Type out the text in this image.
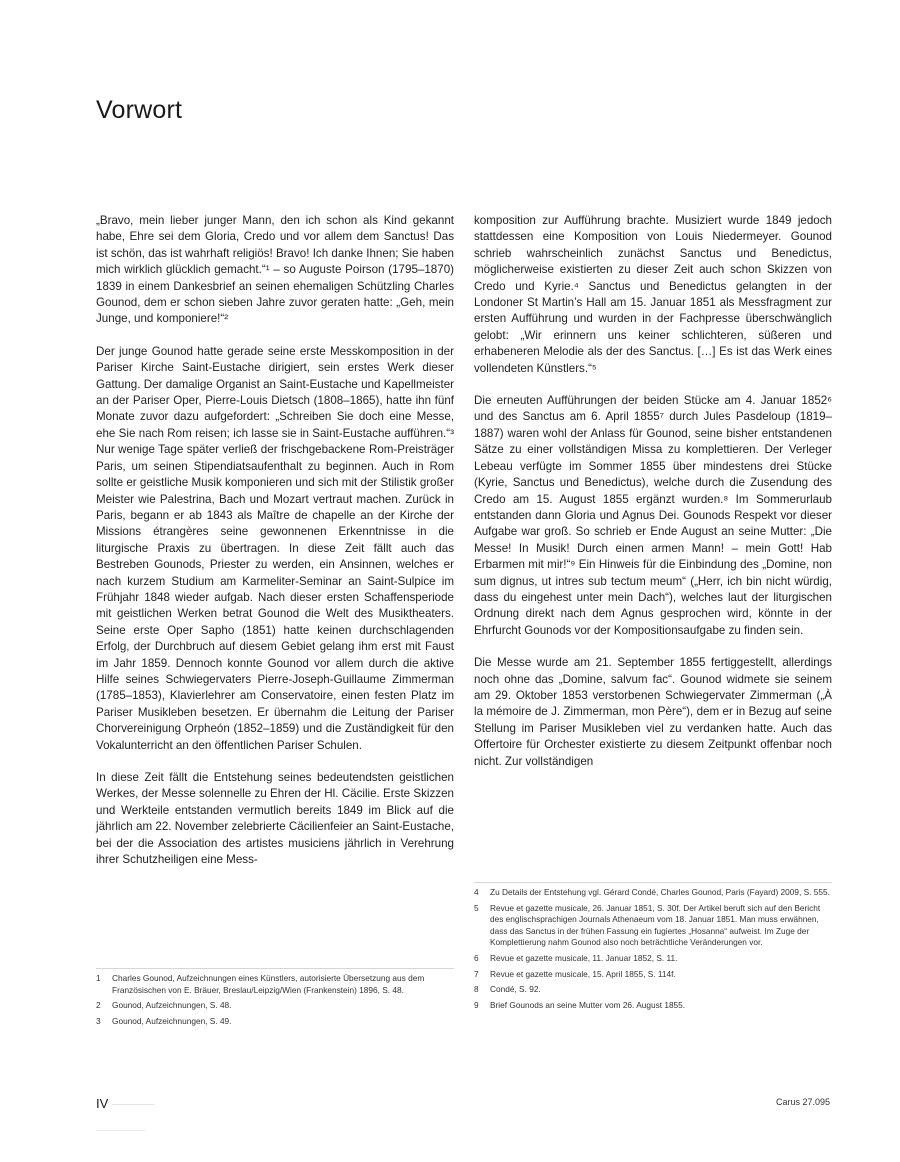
Vorwort

„Bravo, mein lieber junger Mann, den ich schon als Kind gekannt habe, Ehre sei dem Gloria, Credo und vor allem dem Sanctus! Das ist schön, das ist wahrhaft religiös! Bravo! Ich danke Ihnen; Sie haben mich wirklich glücklich gemacht.“¹ – so Auguste Poirson (1795–1870) 1839 in einem Dankesbrief an seinen ehemaligen Schützling Charles Gounod, dem er schon sieben Jahre zuvor geraten hatte: „Geh, mein Junge, und komponiere!“²

Der junge Gounod hatte gerade seine erste Messkomposition in der Pariser Kirche Saint-Eustache dirigiert, sein erstes Werk dieser Gattung. Der damalige Organist an Saint-Eustache und Kapellmeister an der Pariser Oper, Pierre-Louis Dietsch (1808–1865), hatte ihn fünf Monate zuvor dazu aufgefordert: „Schreiben Sie doch eine Messe, ehe Sie nach Rom reisen; ich lasse sie in Saint-Eustache aufführen.“³ Nur wenige Tage später verließ der frischgebackene Rom-Preisträger Paris, um seinen Stipendiatsaufenthalt zu beginnen. Auch in Rom sollte er geistliche Musik komponieren und sich mit der Stilistik großer Meister wie Palestrina, Bach und Mozart vertraut machen. Zurück in Paris, begann er ab 1843 als Maître de chapelle an der Kirche der Missions étrangères seine gewonnenen Erkenntnisse in die liturgische Praxis zu übertragen. In diese Zeit fällt auch das Bestreben Gounods, Priester zu werden, ein Ansinnen, welches er nach kurzem Studium am Karmeliter-Seminar an Saint-Sulpice im Frühjahr 1848 wieder aufgab. Nach dieser ersten Schaffensperiode mit geistlichen Werken betrat Gounod die Welt des Musiktheaters. Seine erste Oper Sapho (1851) hatte keinen durchschlagenden Erfolg, der Durchbruch auf diesem Gebiet gelang ihm erst mit Faust im Jahr 1859. Dennoch konnte Gounod vor allem durch die aktive Hilfe seines Schwiegervaters Pierre-Joseph-Guillaume Zimmerman (1785–1853), Klavierlehrer am Conservatoire, einen festen Platz im Pariser Musikleben besetzen. Er übernahm die Leitung der Pariser Chorvereinigung Orpheón (1852–1859) und die Zuständigkeit für den Vokalunterricht an den öffentlichen Pariser Schulen.

In diese Zeit fällt die Entstehung seines bedeutendsten geistlichen Werkes, der Messe solennelle zu Ehren der Hl. Cäcilie. Erste Skizzen und Werkteile entstanden vermutlich bereits 1849 im Blick auf die jährlich am 22. November zelebrierte Cäcilienfeier an Saint-Eustache, bei der die Association des artistes musiciens jährlich in Verehrung ihrer Schutzheiligen eine Mess-

komposition zur Aufführung brachte. Musiziert wurde 1849 jedoch stattdessen eine Komposition von Louis Niedermeyer. Gounod schrieb wahrscheinlich zunächst Sanctus und Benedictus, möglicherweise existierten zu dieser Zeit auch schon Skizzen von Credo und Kyrie.⁴ Sanctus und Benedictus gelangten in der Londoner St Martin’s Hall am 15. Januar 1851 als Messfragment zur ersten Aufführung und wurden in der Fachpresse überschwänglich gelobt: „Wir erinnern uns keiner schlichteren, süßeren und erhabeneren Melodie als der des Sanctus. […] Es ist das Werk eines vollendeten Künstlers.“⁵

Die erneuten Aufführungen der beiden Stücke am 4. Januar 1852⁶ und des Sanctus am 6. April 1855⁷ durch Jules Pasdeloup (1819–1887) waren wohl der Anlass für Gounod, seine bisher entstandenen Sätze zu einer vollständigen Missa zu komplettieren. Der Verleger Lebeau verfügte im Sommer 1855 über mindestens drei Stücke (Kyrie, Sanctus und Benedictus), welche durch die Zusendung des Credo am 15. August 1855 ergänzt wurden.⁸ Im Sommerurlaub entstanden dann Gloria und Agnus Dei. Gounods Respekt vor dieser Aufgabe war groß. So schrieb er Ende August an seine Mutter: „Die Messe! In Musik! Durch einen armen Mann! – mein Gott! Hab Erbarmen mit mir!“⁹ Ein Hinweis für die Einbindung des „Domine, non sum dignus, ut intres sub tectum meum“ („Herr, ich bin nicht würdig, dass du eingehest unter mein Dach“), welches laut der liturgischen Ordnung direkt nach dem Agnus gesprochen wird, könnte in der Ehrfurcht Gounods vor der Kompositionsaufgabe zu finden sein.

Die Messe wurde am 21. September 1855 fertiggestellt, allerdings noch ohne das „Domine, salvum fac“. Gounod widmete sie seinem am 29. Oktober 1853 verstorbenen Schwiegervater Zimmerman („À la mémoire de J. Zimmerman, mon Père“), dem er in Bezug auf seine Stellung im Pariser Musikleben viel zu verdanken hatte. Auch das Offertoire für Orchester existierte zu diesem Zeitpunkt offenbar noch nicht. Zur vollständigen

1	Charles Gounod, Aufzeichnungen eines Künstlers, autorisierte Übersetzung aus dem Französischen von E. Bräuer, Breslau/Leipzig/Wien (Frankenstein) 1896, S. 48.
2	Gounod, Aufzeichnungen, S. 48.
3	Gounod, Aufzeichnungen, S. 49.
4	Zu Details der Entstehung vgl. Gérard Condé, Charles Gounod, Paris (Fayard) 2009, S. 555.
5	Revue et gazette musicale, 26. Januar 1851, S. 30f. Der Artikel beruft sich auf den Bericht des englischsprachigen Journals Athenaeum vom 18. Januar 1851. Man muss erwähnen, dass das Sanctus in der frühen Fassung ein fugiertes „Hosanna“ aufweist. Im Zuge der Komplettierung nahm Gounod also noch beträchtliche Veränderungen vor.
6	Revue et gazette musicale, 11. Januar 1852, S. 11.
7	Revue et gazette musicale, 15. April 1855, S. 114f.
8	Condé, S. 92.
9	Brief Gounods an seine Mutter vom 26. August 1855.
IV	Carus 27.095
